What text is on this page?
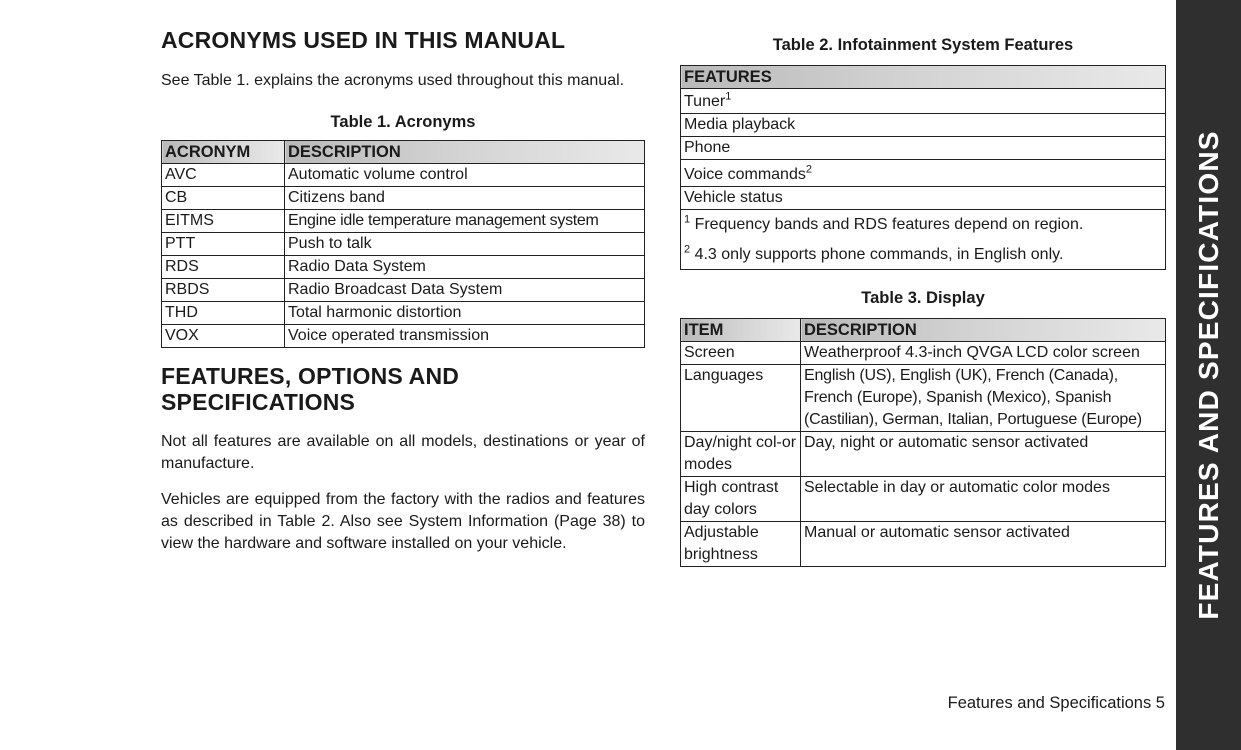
ACRONYMS USED IN THIS MANUAL

See Table 1. explains the acronyms used throughout this manual.

Table 1. Acronyms

ACRONYM	DESCRIPTION
AVC	Automatic volume control
CB	Citizens band
EITMS	Engine idle temperature management system
PTT	Push to talk
RDS	Radio Data System
RBDS	Radio Broadcast Data System
THD	Total harmonic distortion
VOX	Voice operated transmission
FEATURES, OPTIONS AND
SPECIFICATIONS

Not all features are available on all models, destinations or year of manufacture.

Vehicles are equipped from the factory with the radios and features as described in Table 2. Also see System Information (Page 38) to view the hardware and software installed on your vehicle.

Table 2. Infotainment System Features

FEATURES
Tuner$^1$
Media playback
Phone
Voice commands$^2$
Vehicle status

$^1$ Frequency bands and RDS features depend on region.
$^2$ 4.3 only supports phone commands, in English only.

Table 3. Display

ITEM	DESCRIPTION
Screen	Weatherproof 4.3-inch QVGA LCD color screen
Languages	English (US), English (UK), French (Canada), French (Europe), Spanish (Mexico), Spanish (Castilian), German, Italian, Portuguese (Europe)
Day/night col-or modes	Day, night or automatic sensor activated
High contrast day colors	Selectable in day or automatic color modes
Adjustable brightness	Manual or automatic sensor activated
Features and Specifications 5
FEATURES AND SPECIFICATIONS
